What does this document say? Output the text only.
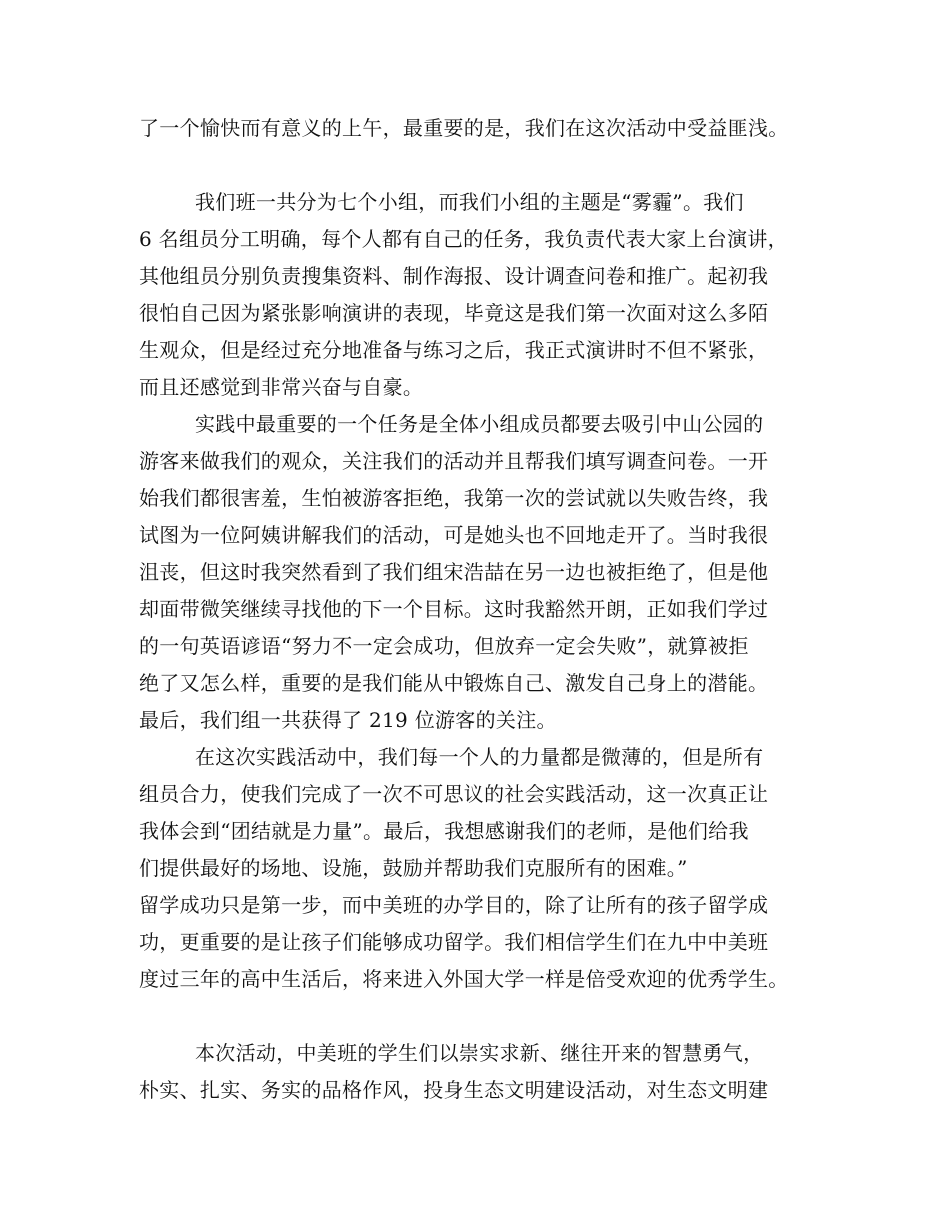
了一个愉快而有意义的上午，最重要的是，我们在这次活动中受益匪浅。
我们班一共分为七个小组，而我们小组的主题是“雾霾”。我们
6 名组员分工明确，每个人都有自己的任务，我负责代表大家上台演讲，
其他组员分别负责搜集资料、制作海报、设计调查问卷和推广。起初我
很怕自己因为紧张影响演讲的表现，毕竟这是我们第一次面对这么多陌
生观众，但是经过充分地准备与练习之后，我正式演讲时不但不紧张，
而且还感觉到非常兴奋与自豪。
实践中最重要的一个任务是全体小组成员都要去吸引中山公园的
游客来做我们的观众，关注我们的活动并且帮我们填写调查问卷。一开
始我们都很害羞，生怕被游客拒绝，我第一次的尝试就以失败告终，我
试图为一位阿姨讲解我们的活动，可是她头也不回地走开了。当时我很
沮丧，但这时我突然看到了我们组宋浩喆在另一边也被拒绝了，但是他
却面带微笑继续寻找他的下一个目标。这时我豁然开朗，正如我们学过
的一句英语谚语“努力不一定会成功，但放弃一定会失败”，就算被拒
绝了又怎么样，重要的是我们能从中锻炼自己、激发自己身上的潜能。
最后，我们组一共获得了 219 位游客的关注。
在这次实践活动中，我们每一个人的力量都是微薄的，但是所有
组员合力，使我们完成了一次不可思议的社会实践活动，这一次真正让
我体会到“团结就是力量”。最后，我想感谢我们的老师，是他们给我
们提供最好的场地、设施，鼓励并帮助我们克服所有的困难。”
留学成功只是第一步，而中美班的办学目的，除了让所有的孩子留学成
功，更重要的是让孩子们能够成功留学。我们相信学生们在九中中美班
度过三年的高中生活后，将来进入外国大学一样是倍受欢迎的优秀学生。
本次活动，中美班的学生们以崇实求新、继往开来的智慧勇气，
朴实、扎实、务实的品格作风，投身生态文明建设活动，对生态文明建
